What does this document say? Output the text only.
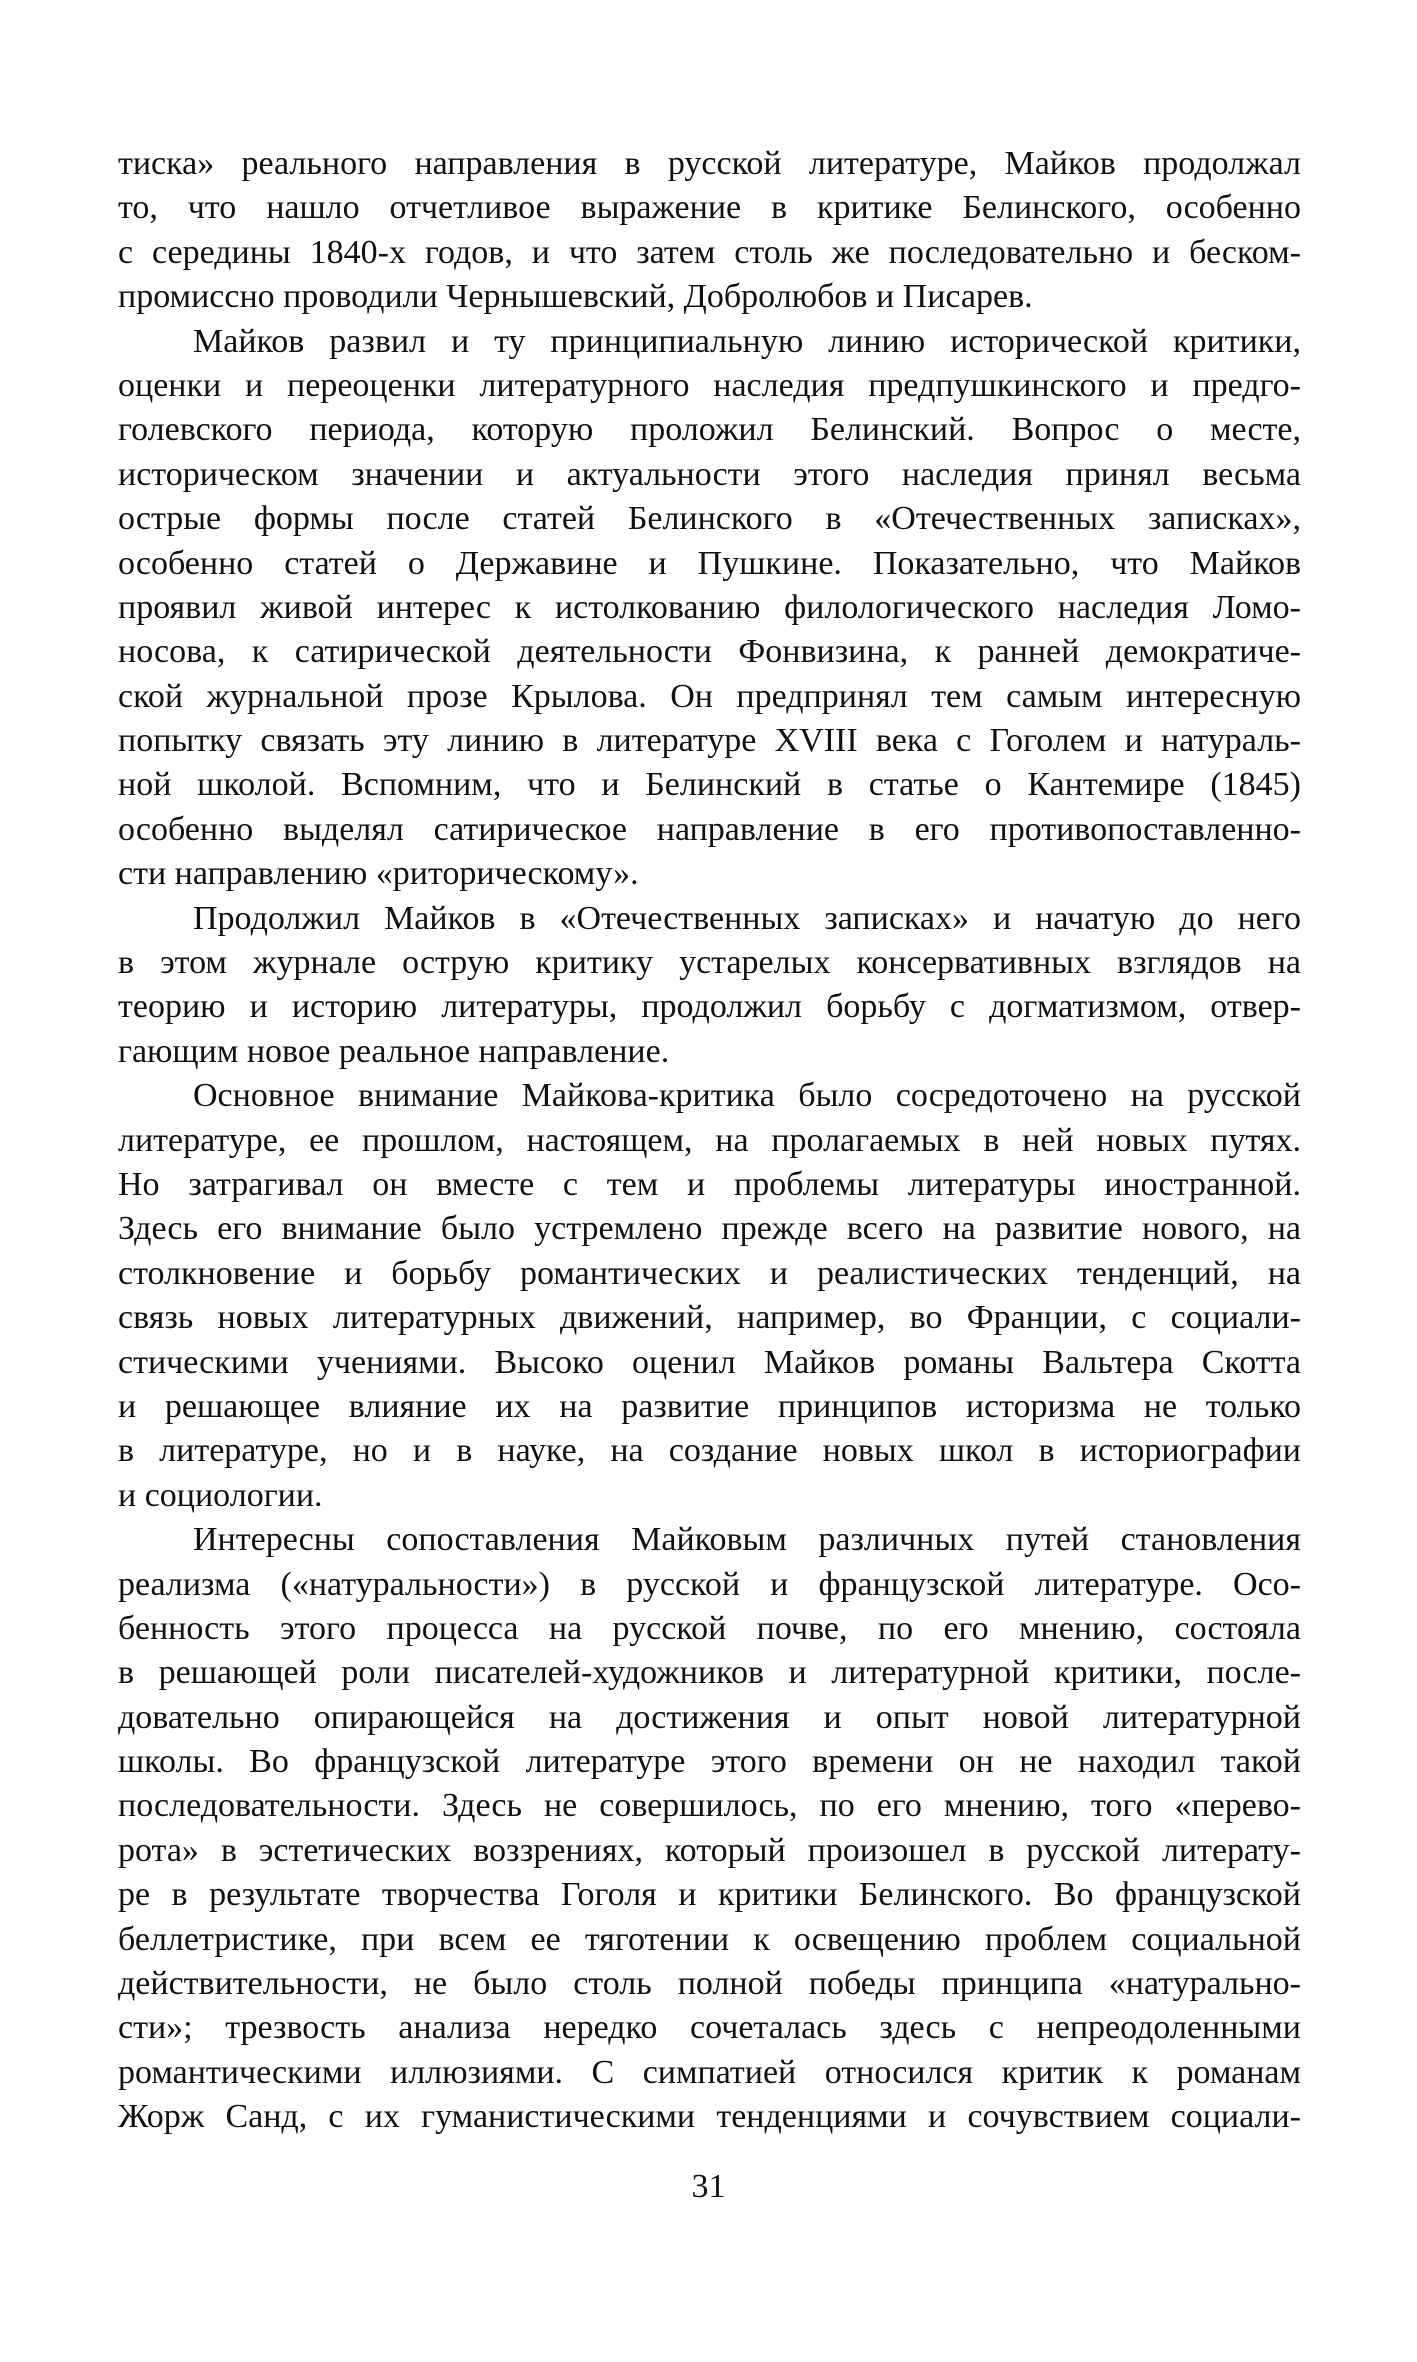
тиска» реального направления в русской литературе, Майков продолжал
то, что нашло отчетливое выражение в критике Белинского, особенно
с середины 1840-х годов, и что затем столь же последовательно и беском-
промиссно проводили Чернышевский, Добролюбов и Писарев.
Майков развил и ту принципиальную линию исторической критики,
оценки и переоценки литературного наследия предпушкинского и предго-
голевского периода, которую проложил Белинский. Вопрос о месте,
историческом значении и актуальности этого наследия принял весьма
острые формы после статей Белинского в «Отечественных записках»,
особенно статей о Державине и Пушкине. Показательно, что Майков
проявил живой интерес к истолкованию филологического наследия Ломо-
носова, к сатирической деятельности Фонвизина, к ранней демократиче-
ской журнальной прозе Крылова. Он предпринял тем самым интересную
попытку связать эту линию в литературе XVIII века с Гоголем и натураль-
ной школой. Вспомним, что и Белинский в статье о Кантемире (1845)
особенно выделял сатирическое направление в его противопоставленно-
сти направлению «риторическому».
Продолжил Майков в «Отечественных записках» и начатую до него
в этом журнале острую критику устарелых консервативных взглядов на
теорию и историю литературы, продолжил борьбу с догматизмом, отвер-
гающим новое реальное направление.
Основное внимание Майкова-критика было сосредоточено на русской
литературе, ее прошлом, настоящем, на пролагаемых в ней новых путях.
Но затрагивал он вместе с тем и проблемы литературы иностранной.
Здесь его внимание было устремлено прежде всего на развитие нового, на
столкновение и борьбу романтических и реалистических тенденций, на
связь новых литературных движений, например, во Франции, с социали-
стическими учениями. Высоко оценил Майков романы Вальтера Скотта
и решающее влияние их на развитие принципов историзма не только
в литературе, но и в науке, на создание новых школ в историографии
и социологии.
Интересны сопоставления Майковым различных путей становления
реализма («натуральности») в русской и французской литературе. Осо-
бенность этого процесса на русской почве, по его мнению, состояла
в решающей роли писателей-художников и литературной критики, после-
довательно опирающейся на достижения и опыт новой литературной
школы. Во французской литературе этого времени он не находил такой
последовательности. Здесь не совершилось, по его мнению, того «перево-
рота» в эстетических воззрениях, который произошел в русской литерату-
ре в результате творчества Гоголя и критики Белинского. Во французской
беллетристике, при всем ее тяготении к освещению проблем социальной
действительности, не было столь полной победы принципа «натурально-
сти»; трезвость анализа нередко сочеталась здесь с непреодоленными
романтическими иллюзиями. С симпатией относился критик к романам
Жорж Санд, с их гуманистическими тенденциями и сочувствием социали-
31
